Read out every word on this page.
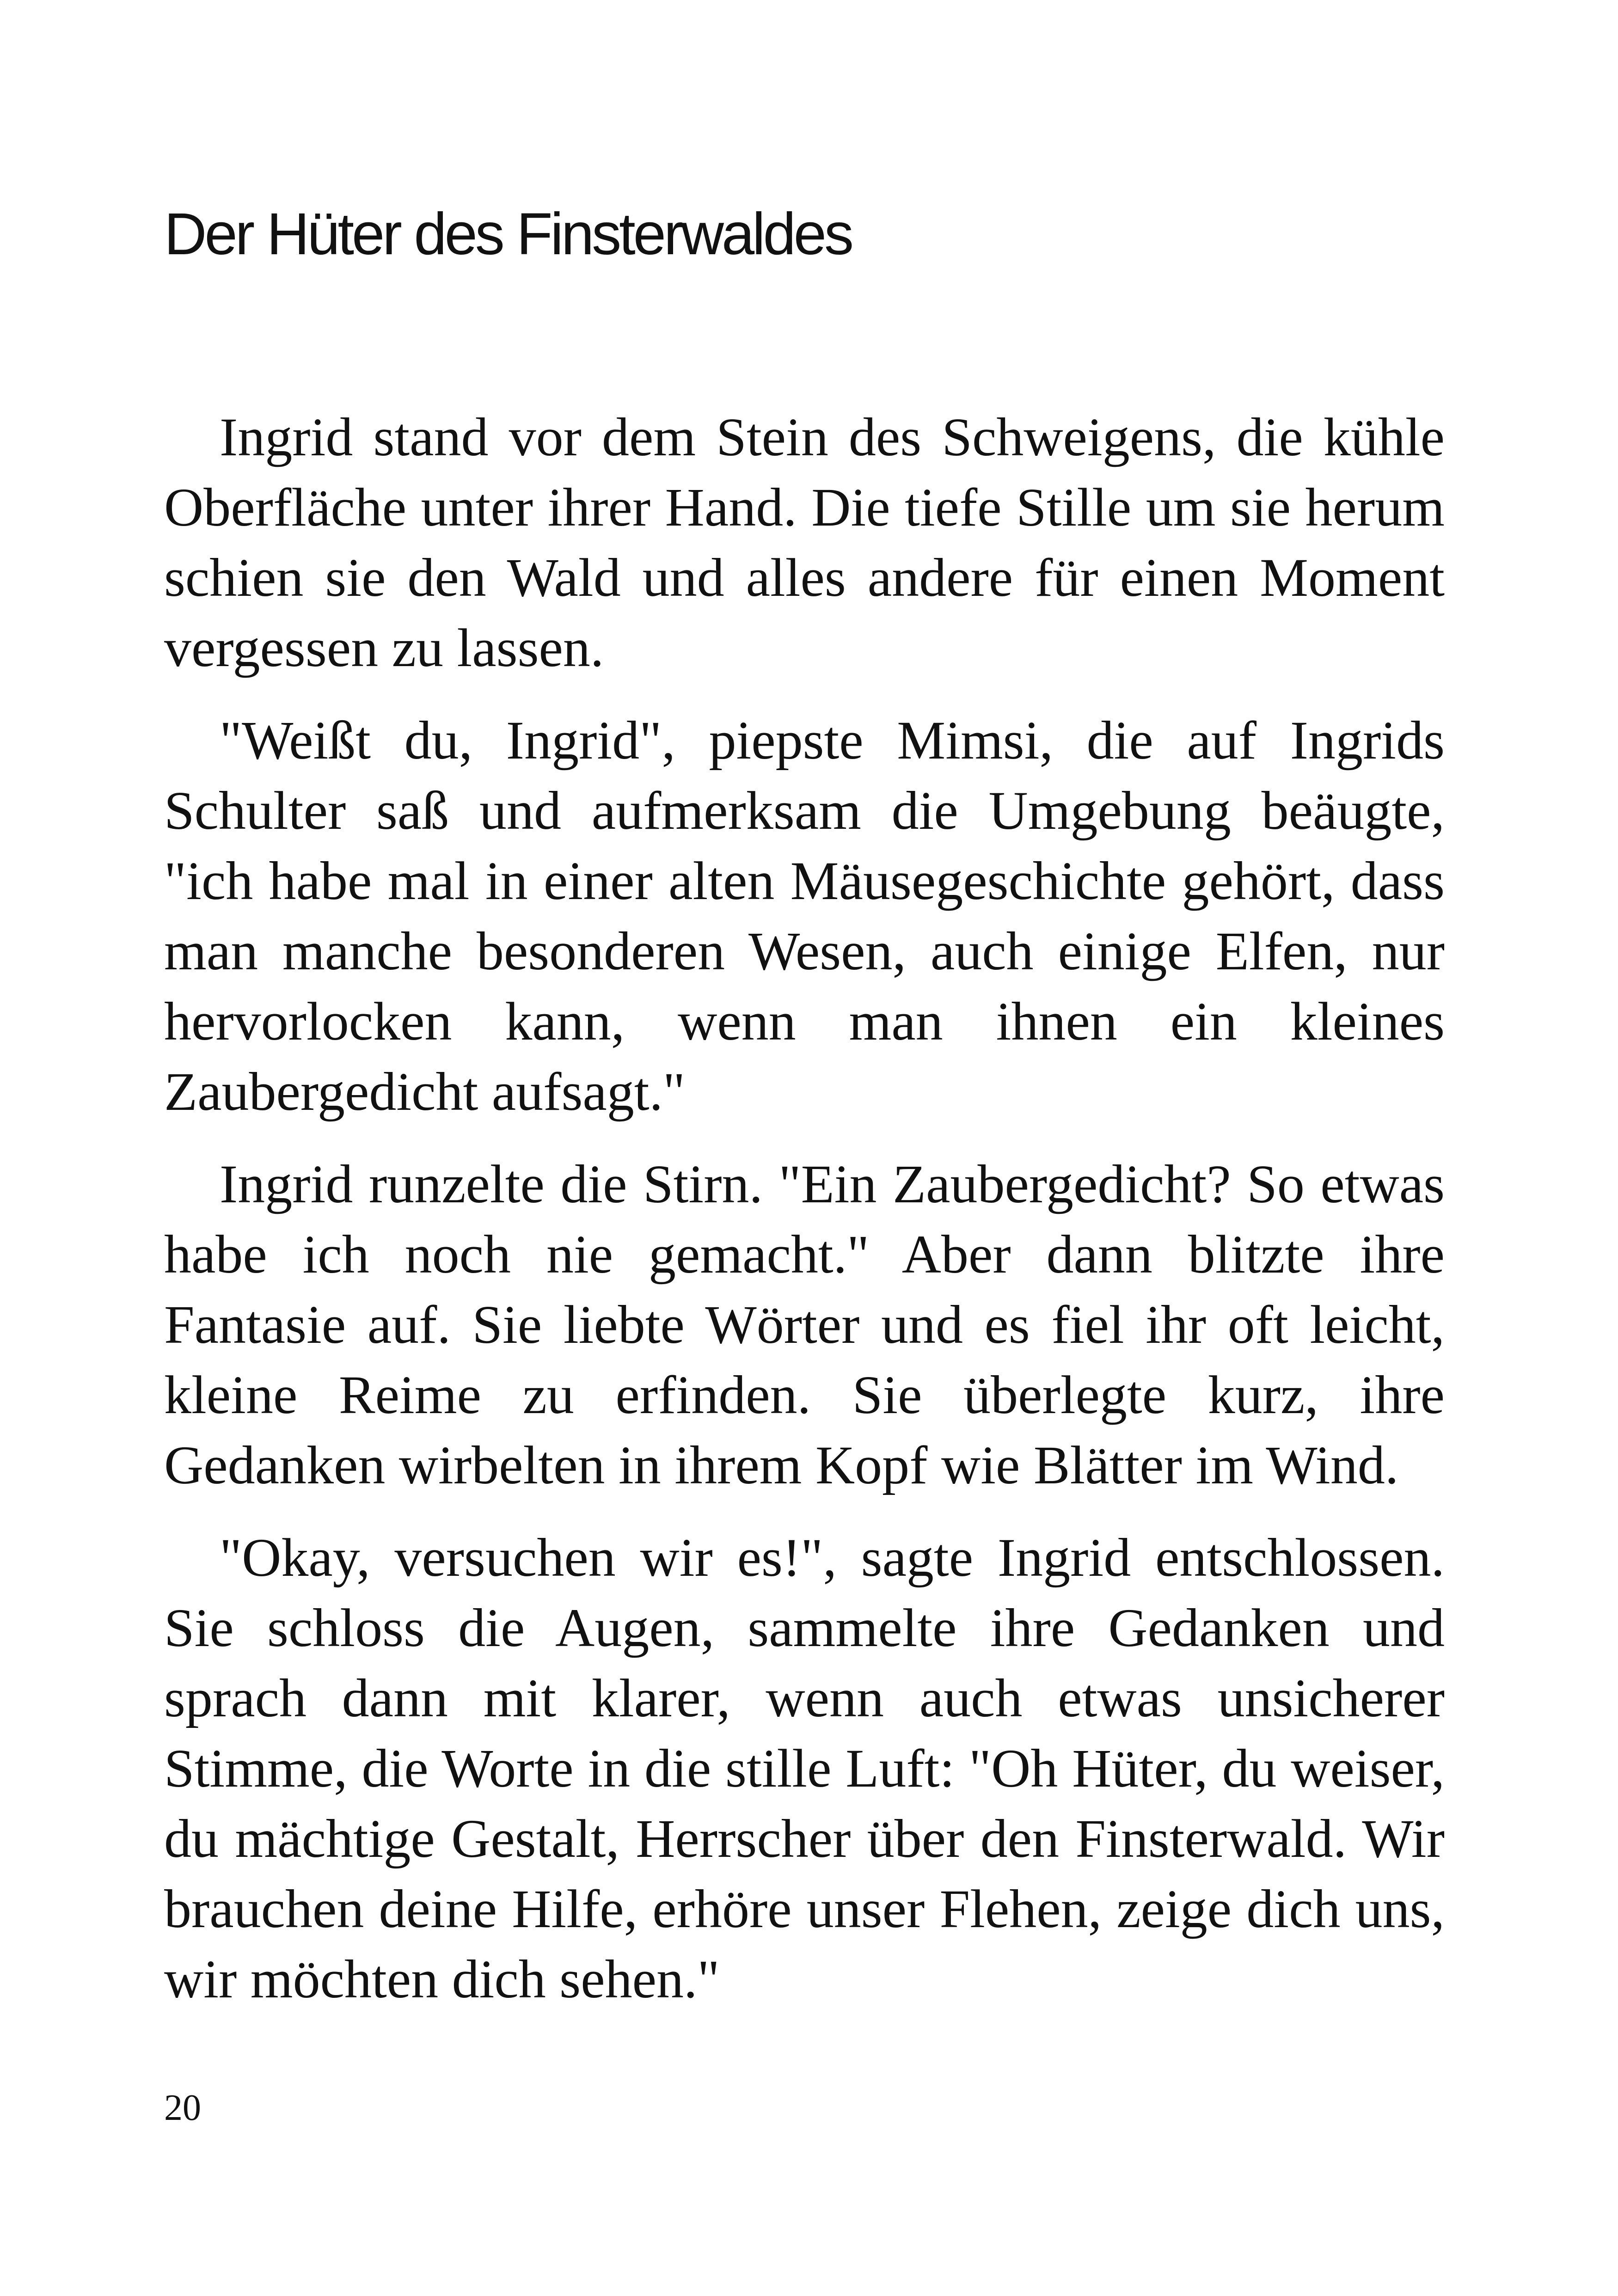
Der Hüter des Finsterwaldes

Ingrid stand vor dem Stein des Schweigens, die kühle Oberfläche unter ihrer Hand. Die tiefe Stille um sie herum schien sie den Wald und alles andere für einen Moment vergessen zu lassen.

"Weißt du, Ingrid", piepste Mimsi, die auf Ingrids Schulter saß und aufmerksam die Umgebung beäugte, "ich habe mal in einer alten Mäusegeschichte gehört, dass man manche besonderen Wesen, auch einige Elfen, nur hervorlocken kann, wenn man ihnen ein kleines Zaubergedicht aufsagt."

Ingrid runzelte die Stirn. "Ein Zaubergedicht? So etwas habe ich noch nie gemacht." Aber dann blitzte ihre Fantasie auf. Sie liebte Wörter und es fiel ihr oft leicht, kleine Reime zu erfinden. Sie überlegte kurz, ihre Gedanken wirbelten in ihrem Kopf wie Blätter im Wind.

"Okay, versuchen wir es!", sagte Ingrid entschlossen. Sie schloss die Augen, sammelte ihre Gedanken und sprach dann mit klarer, wenn auch etwas unsicherer Stimme, die Worte in die stille Luft: "Oh Hüter, du weiser, du mächtige Gestalt, Herrscher über den Finsterwald. Wir brauchen deine Hilfe, erhöre unser Flehen, zeige dich uns, wir möchten dich sehen."

20
